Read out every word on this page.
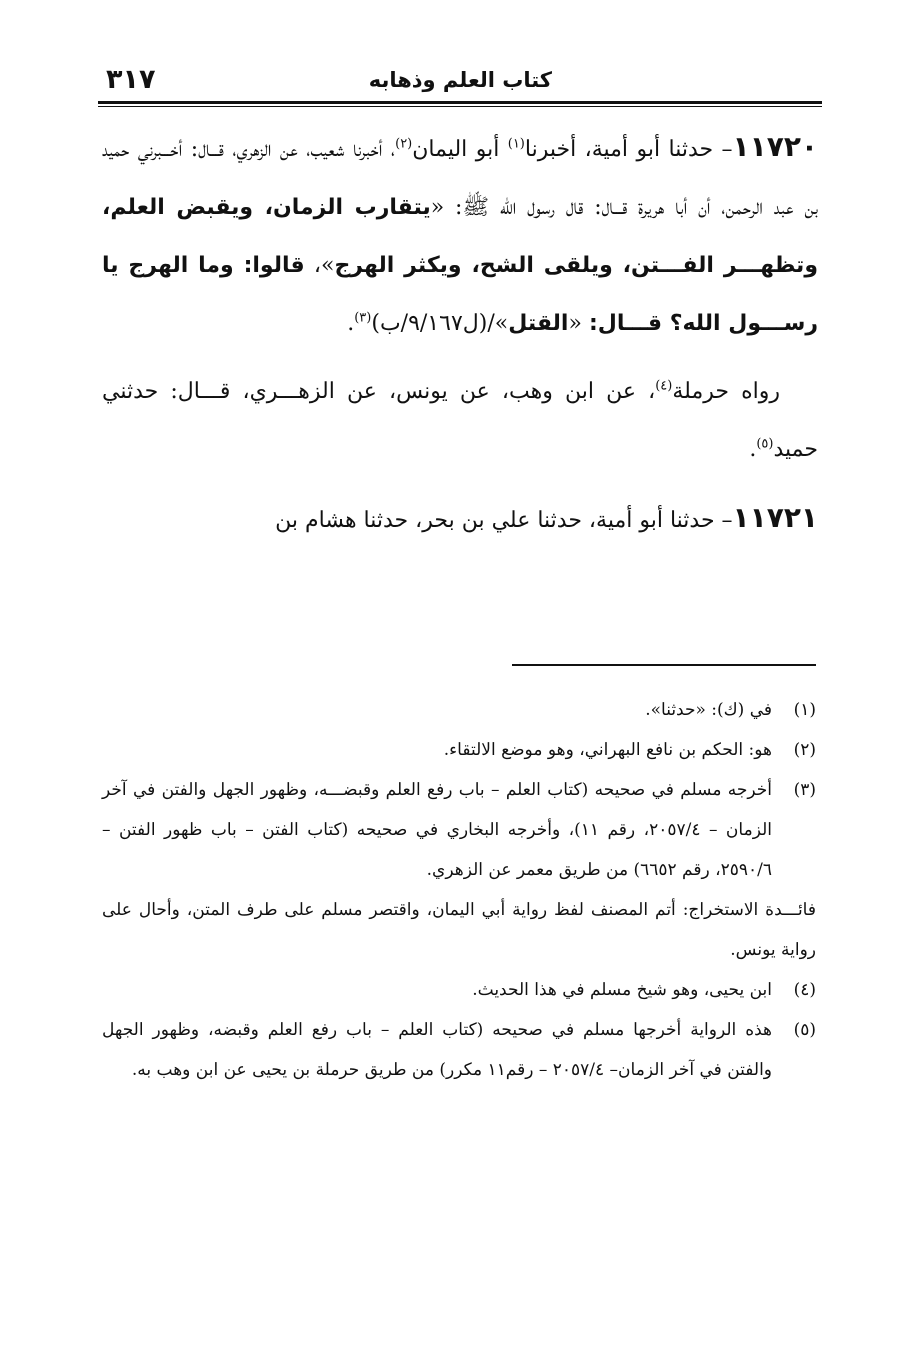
كتاب العلم وذهابه
٣١٧

١١٧٢٠– حدثنا أبو أمية، أخبرنا$^{(١)}$ أبو اليمان$^{(٢)}$، أخبرنا شعيب، عن الزهري، قـــال: أخـــبرني حميد بن عبد الرحمن، أن أبا هريرة قـــال: قال رسول الله ﷺ: «يتقارب الزمان، ويقبض العلم، وتظهـــر الفـــتن، ويلقى الشح، ويكثر الهرج»، قالوا: وما الهرج يا رســـول الله؟ قـــال: «القتل»/(ل٩/١٦٧/ب)$^{(٣)}$.

رواه حرملة$^{(٤)}$، عن ابن وهب، عن يونس، عن الزهـــري، قـــال: حدثني حميد$^{(٥)}$.

١١٧٢١– حدثنا أبو أمية، حدثنا علي بن بحر، حدثنا هشام بن

(١)
في (ك): «حدثنا».

(٢)
هو: الحكم بن نافع البهراني، وهو موضع الالتقاء.

(٣)
أخرجه مسلم في صحيحه (كتاب العلم – باب رفع العلم وقبضـــه، وظهور الجهل والفتن في آخر الزمان – ٢٠٥٧/٤، رقم ١١)، وأخرجه البخاري في صحيحه (كتاب الفتن – باب ظهور الفتن – ٢٥٩٠/٦، رقم ٦٦٥٢) من طريق معمر عن الزهري.

فائـــدة الاستخراج: أتم المصنف لفظ رواية أبي اليمان، واقتصر مسلم على طرف المتن، وأحال على رواية يونس.

(٤)
ابن يحيى، وهو شيخ مسلم في هذا الحديث.

(٥)
هذه الرواية أخرجها مسلم في صحيحه (كتاب العلم – باب رفع العلم وقبضه، وظهور الجهل والفتن في آخر الزمان– ٢٠٥٧/٤ – رقم١١ مكرر) من طريق حرملة بن يحيى عن ابن وهب به.
